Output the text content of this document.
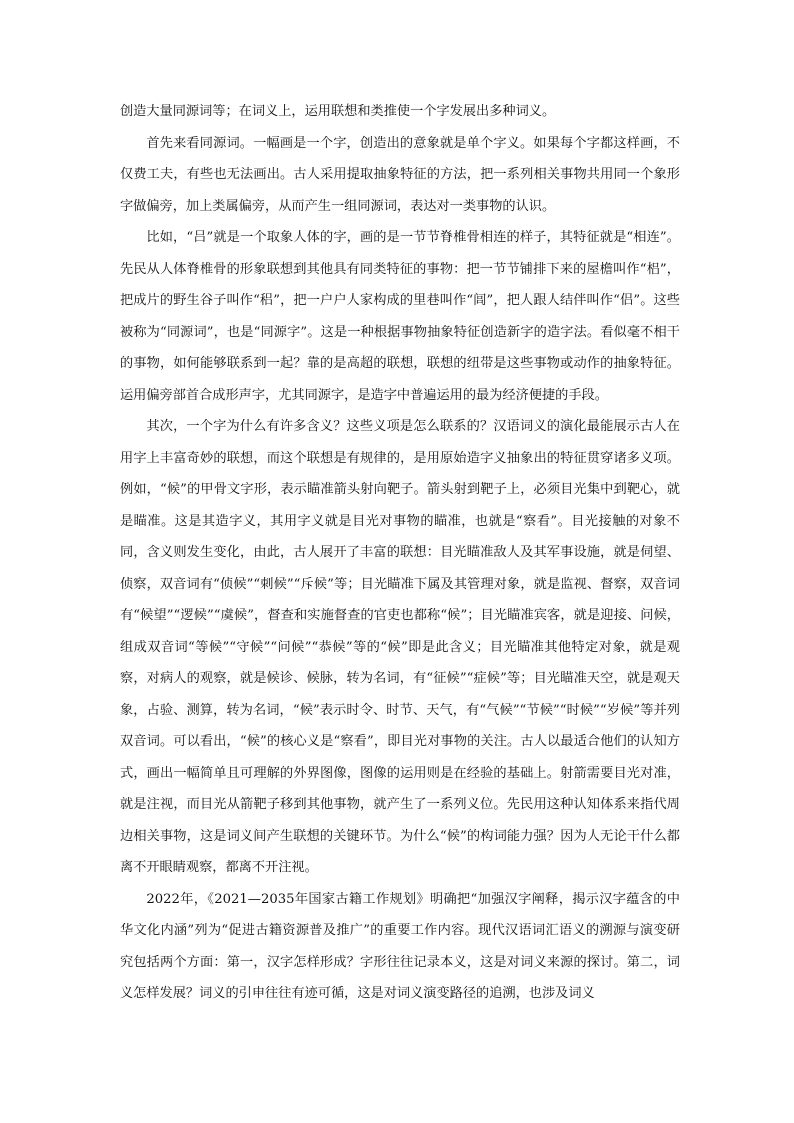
创造大量同源词等；在词义上，运用联想和类推使一个字发展出多种词义。

首先来看同源词。一幅画是一个字，创造出的意象就是单个字义。如果每个字都这样画，不仅费工夫，有些也无法画出。古人采用提取抽象特征的方法，把一系列相关事物共用同一个象形字做偏旁，加上类属偏旁，从而产生一组同源词，表达对一类事物的认识。

比如，“吕”就是一个取象人体的字，画的是一节节脊椎骨相连的样子，其特征就是“相连”。先民从人体脊椎骨的形象联想到其他具有同类特征的事物：把一节节铺排下来的屋檐叫作“梠”，把成片的野生谷子叫作“稆”，把一户户人家构成的里巷叫作“闾”，把人跟人结伴叫作“侣”。这些被称为“同源词”，也是“同源字”。这是一种根据事物抽象特征创造新字的造字法。看似毫不相干的事物，如何能够联系到一起？靠的是高超的联想，联想的纽带是这些事物或动作的抽象特征。运用偏旁部首合成形声字，尤其同源字，是造字中普遍运用的最为经济便捷的手段。

其次，一个字为什么有许多含义？这些义项是怎么联系的？汉语词义的演化最能展示古人在用字上丰富奇妙的联想，而这个联想是有规律的，是用原始造字义抽象出的特征贯穿诸多义项。例如，“候”的甲骨文字形，表示瞄准箭头射向靶子。箭头射到靶子上，必须目光集中到靶心，就是瞄准。这是其造字义，其用字义就是目光对事物的瞄准，也就是“察看”。目光接触的对象不同，含义则发生变化，由此，古人展开了丰富的联想：目光瞄准敌人及其军事设施，就是伺望、侦察，双音词有“侦候”“刺候”“斥候”等；目光瞄准下属及其管理对象，就是监视、督察，双音词有“候望”“逻候”“虞候”，督查和实施督查的官吏也都称“候”；目光瞄准宾客，就是迎接、问候，组成双音词“等候”“守候”“问候”“恭候”等的“候”即是此含义；目光瞄准其他特定对象，就是观察，对病人的观察，就是候诊、候脉，转为名词，有“征候”“症候”等；目光瞄准天空，就是观天象，占验、测算，转为名词，“候”表示时令、时节、天气，有“气候”“节候”“时候”“岁候”等并列双音词。可以看出，“候”的核心义是“察看”，即目光对事物的关注。古人以最适合他们的认知方式，画出一幅简单且可理解的外界图像，图像的运用则是在经验的基础上。射箭需要目光对准，就是注视，而目光从箭靶子移到其他事物，就产生了一系列义位。先民用这种认知体系来指代周边相关事物，这是词义间产生联想的关键环节。为什么“候”的构词能力强？因为人无论干什么都离不开眼睛观察，都离不开注视。

2022年，《2021—2035年国家古籍工作规划》明确把“加强汉字阐释，揭示汉字蕴含的中华文化内涵”列为“促进古籍资源普及推广”的重要工作内容。现代汉语词汇语义的溯源与演变研究包括两个方面：第一，汉字怎样形成？字形往往记录本义，这是对词义来源的探讨。第二，词义怎样发展？词义的引申往往有迹可循，这是对词义演变路径的追溯，也涉及词义
